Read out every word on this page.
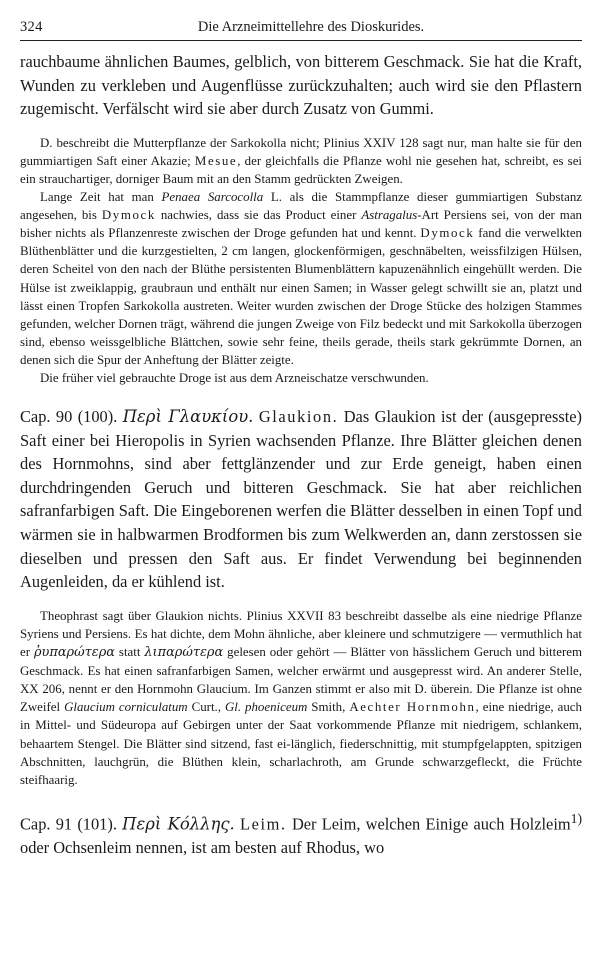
324	Die Arzneimittellehre des Dioskurides.

rauchbaume ähnlichen Baumes, gelblich, von bitterem Geschmack. Sie hat die Kraft, Wunden zu verkleben und Augenflüsse zurückzuhalten; auch wird sie den Pflastern zugemischt. Verfälscht wird sie aber durch Zusatz von Gummi.

D. beschreibt die Mutterpflanze der Sarkokolla nicht; Plinius XXIV 128 sagt nur, man halte sie für den gummiartigen Saft einer Akazie; Mesue, der gleichfalls die Pflanze wohl nie gesehen hat, schreibt, es sei ein strauchartiger, dorniger Baum mit an den Stamm gedrückten Zweigen.

Lange Zeit hat man Penaea Sarcocolla L. als die Stammpflanze dieser gummiartigen Substanz angesehen, bis Dymock nachwies, dass sie das Product einer Astragalus-Art Persiens sei, von der man bisher nichts als Pflanzenreste zwischen der Droge gefunden hat und kennt. Dymock fand die verwelkten Blüthenblätter und die kurzgestielten, 2 cm langen, glockenförmigen, geschnäbelten, weissfilzigen Hülsen, deren Scheitel von den nach der Blüthe persistenten Blumenblättern kapuzenähnlich eingehüllt werden. Die Hülse ist zweiklappig, graubraun und enthält nur einen Samen; in Wasser gelegt schwillt sie an, platzt und lässt einen Tropfen Sarkokolla austreten. Weiter wurden zwischen der Droge Stücke des holzigen Stammes gefunden, welcher Dornen trägt, während die jungen Zweige von Filz bedeckt und mit Sarkokolla überzogen sind, ebenso weissgelbliche Blättchen, sowie sehr feine, theils gerade, theils stark gekrümmte Dornen, an denen sich die Spur der Anheftung der Blätter zeigte.

Die früher viel gebrauchte Droge ist aus dem Arzneischatze verschwunden.

Cap. 90 (100). Περὶ Γλαυκίου. Glaukion. Das Glaukion ist der (ausgepresste) Saft einer bei Hieropolis in Syrien wachsenden Pflanze. Ihre Blätter gleichen denen des Hornmohns, sind aber fettglänzender und zur Erde geneigt, haben einen durchdringenden Geruch und bitteren Geschmack. Sie hat aber reichlichen safranfarbigen Saft. Die Eingeborenen werfen die Blätter desselben in einen Topf und wärmen sie in halbwarmen Brodformen bis zum Welkwerden an, dann zerstossen sie dieselben und pressen den Saft aus. Er findet Verwendung bei beginnenden Augenleiden, da er kühlend ist.

Theophrast sagt über Glaukion nichts. Plinius XXVII 83 beschreibt dasselbe als eine niedrige Pflanze Syriens und Persiens. Es hat dichte, dem Mohn ähnliche, aber kleinere und schmutzigere — vermuthlich hat er ῥυπαρώτερα statt λιπαρώτερα gelesen oder gehört — Blätter von hässlichem Geruch und bitterem Geschmack. Es hat einen safranfarbigen Samen, welcher erwärmt und ausgepresst wird. An anderer Stelle, XX 206, nennt er den Hornmohn Glaucium. Im Ganzen stimmt er also mit D. überein. Die Pflanze ist ohne Zweifel Glaucium corniculatum Curt., Gl. phoeniceum Smith, Aechter Hornmohn, eine niedrige, auch in Mittel- und Südeuropa auf Gebirgen unter der Saat vorkommende Pflanze mit niedrigem, schlankem, behaartem Stengel. Die Blätter sind sitzend, fast ei-länglich, fiederschnittig, mit stumpfgelappten, spitzigen Abschnitten, lauchgrün, die Blüthen klein, scharlachroth, am Grunde schwarzgefleckt, die Früchte steifhaarig.

Cap. 91 (101). Περὶ Κόλλης. Leim. Der Leim, welchen Einige auch Holzleim$^{1)}$ oder Ochsenleim nennen, ist am besten auf Rhodus, wo
